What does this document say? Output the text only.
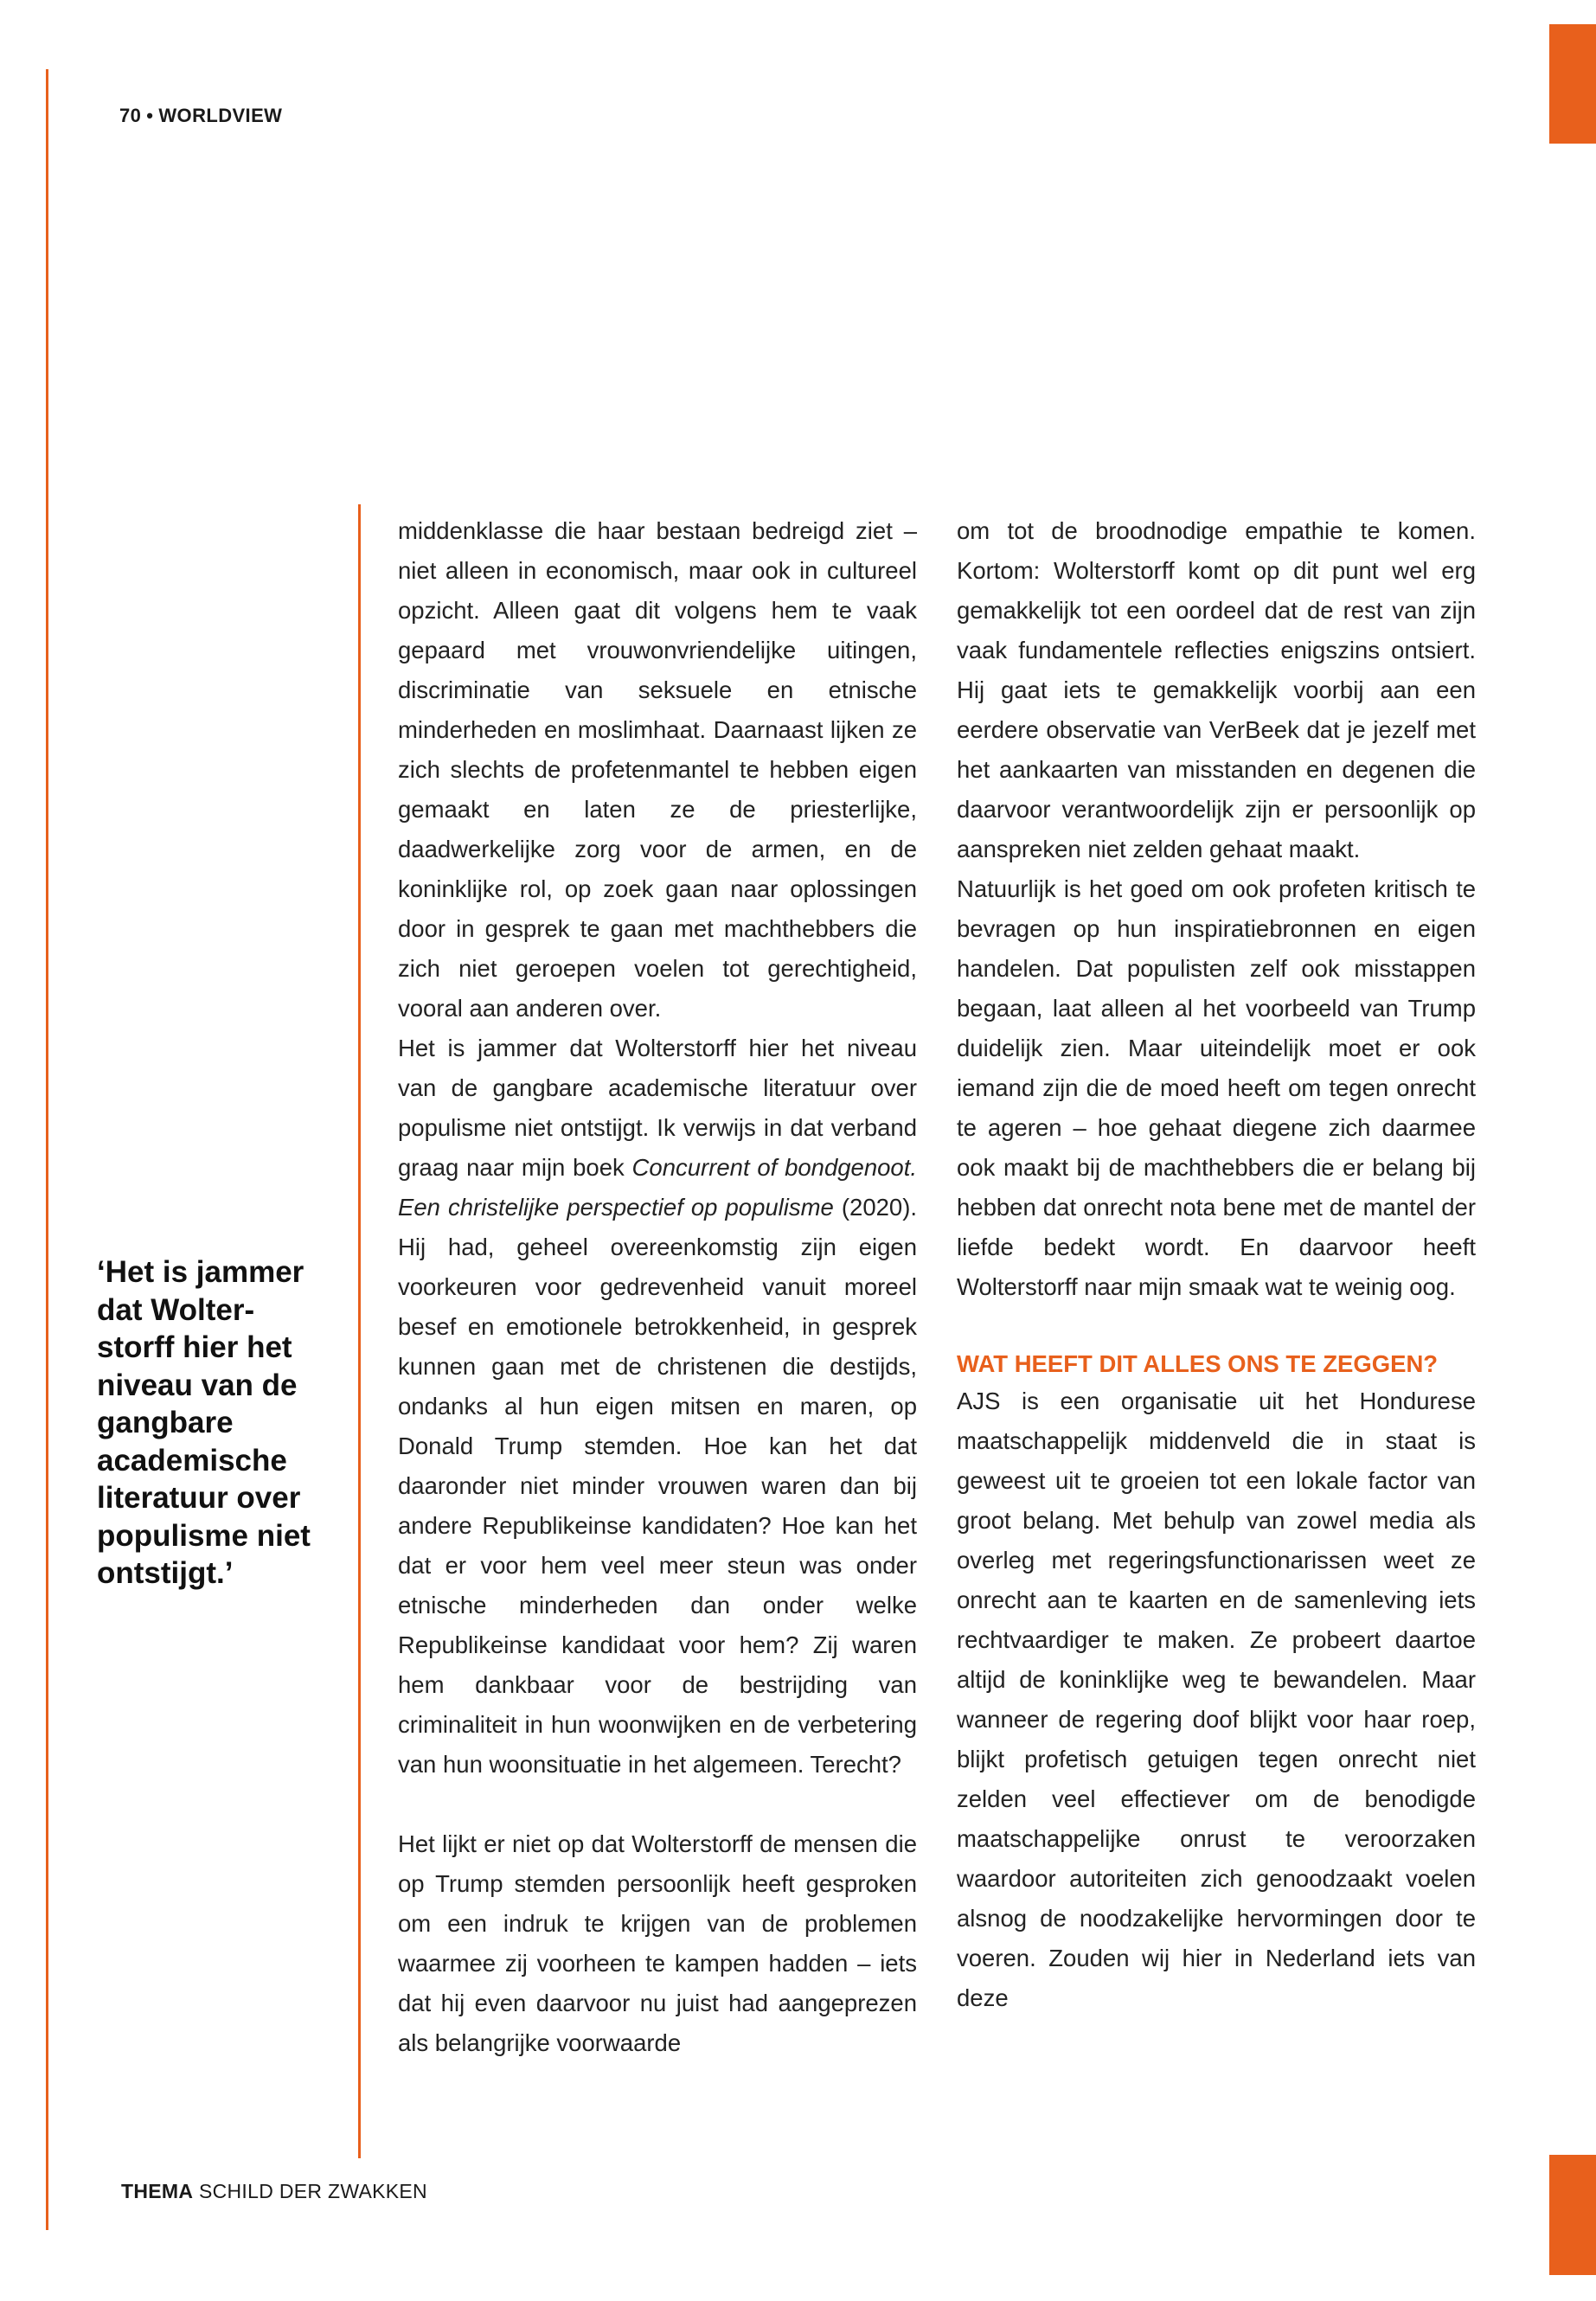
70 • WORLDVIEW
‘Het is jammer dat Wolter-storff hier het niveau van de gangbare academische literatuur over populisme niet ontstijgt.’

middenklasse die haar bestaan bedreigd ziet – niet alleen in economisch, maar ook in cultureel opzicht. Alleen gaat dit volgens hem te vaak gepaard met vrouwonvriendelijke uitingen, discriminatie van seksuele en etnische minderheden en moslimhaat. Daarnaast lijken ze zich slechts de profetenmantel te hebben eigen gemaakt en laten ze de priesterlijke, daadwerkelijke zorg voor de armen, en de koninklijke rol, op zoek gaan naar oplossingen door in gesprek te gaan met machthebbers die zich niet geroepen voelen tot gerechtigheid, vooral aan anderen over.

Het is jammer dat Wolterstorff hier het niveau van de gangbare academische literatuur over populisme niet ontstijgt. Ik verwijs in dat verband graag naar mijn boek Concurrent of bondgenoot. Een christelijke perspectief op populisme (2020). Hij had, geheel overeenkomstig zijn eigen voorkeuren voor gedrevenheid vanuit moreel besef en emotionele betrokkenheid, in gesprek kunnen gaan met de christenen die destijds, ondanks al hun eigen mitsen en maren, op Donald Trump stemden. Hoe kan het dat daaronder niet minder vrouwen waren dan bij andere Republikeinse kandidaten? Hoe kan het dat er voor hem veel meer steun was onder etnische minderheden dan onder welke Republikeinse kandidaat voor hem? Zij waren hem dankbaar voor de bestrijding van criminaliteit in hun woonwijken en de verbetering van hun woonsituatie in het algemeen. Terecht?

Het lijkt er niet op dat Wolterstorff de mensen die op Trump stemden persoonlijk heeft gesproken om een indruk te krijgen van de problemen waarmee zij voorheen te kampen hadden – iets dat hij even daarvoor nu juist had aangeprezen als belangrijke voorwaarde

om tot de broodnodige empathie te komen. Kortom: Wolterstorff komt op dit punt wel erg gemakkelijk tot een oordeel dat de rest van zijn vaak fundamentele reflecties enigszins ontsiert. Hij gaat iets te gemakkelijk voorbij aan een eerdere observatie van VerBeek dat je jezelf met het aankaarten van misstanden en degenen die daarvoor verantwoordelijk zijn er persoonlijk op aanspreken niet zelden gehaat maakt.

Natuurlijk is het goed om ook profeten kritisch te bevragen op hun inspiratiebronnen en eigen handelen. Dat populisten zelf ook misstappen begaan, laat alleen al het voorbeeld van Trump duidelijk zien. Maar uiteindelijk moet er ook iemand zijn die de moed heeft om tegen onrecht te ageren – hoe gehaat diegene zich daarmee ook maakt bij de machthebbers die er belang bij hebben dat onrecht nota bene met de mantel der liefde bedekt wordt. En daarvoor heeft Wolterstorff naar mijn smaak wat te weinig oog.

WAT HEEFT DIT ALLES ONS TE ZEGGEN?

AJS is een organisatie uit het Hondurese maatschappelijk middenveld die in staat is geweest uit te groeien tot een lokale factor van groot belang. Met behulp van zowel media als overleg met regeringsfunctionarissen weet ze onrecht aan te kaarten en de samenleving iets rechtvaardiger te maken. Ze probeert daartoe altijd de koninklijke weg te bewandelen. Maar wanneer de regering doof blijkt voor haar roep, blijkt profetisch getuigen tegen onrecht niet zelden veel effectiever om de benodigde maatschappelijke onrust te veroorzaken waardoor autoriteiten zich genoodzaakt voelen alsnog de noodzakelijke hervormingen door te voeren. Zouden wij hier in Nederland iets van deze

THEMA SCHILD DER ZWAKKEN
